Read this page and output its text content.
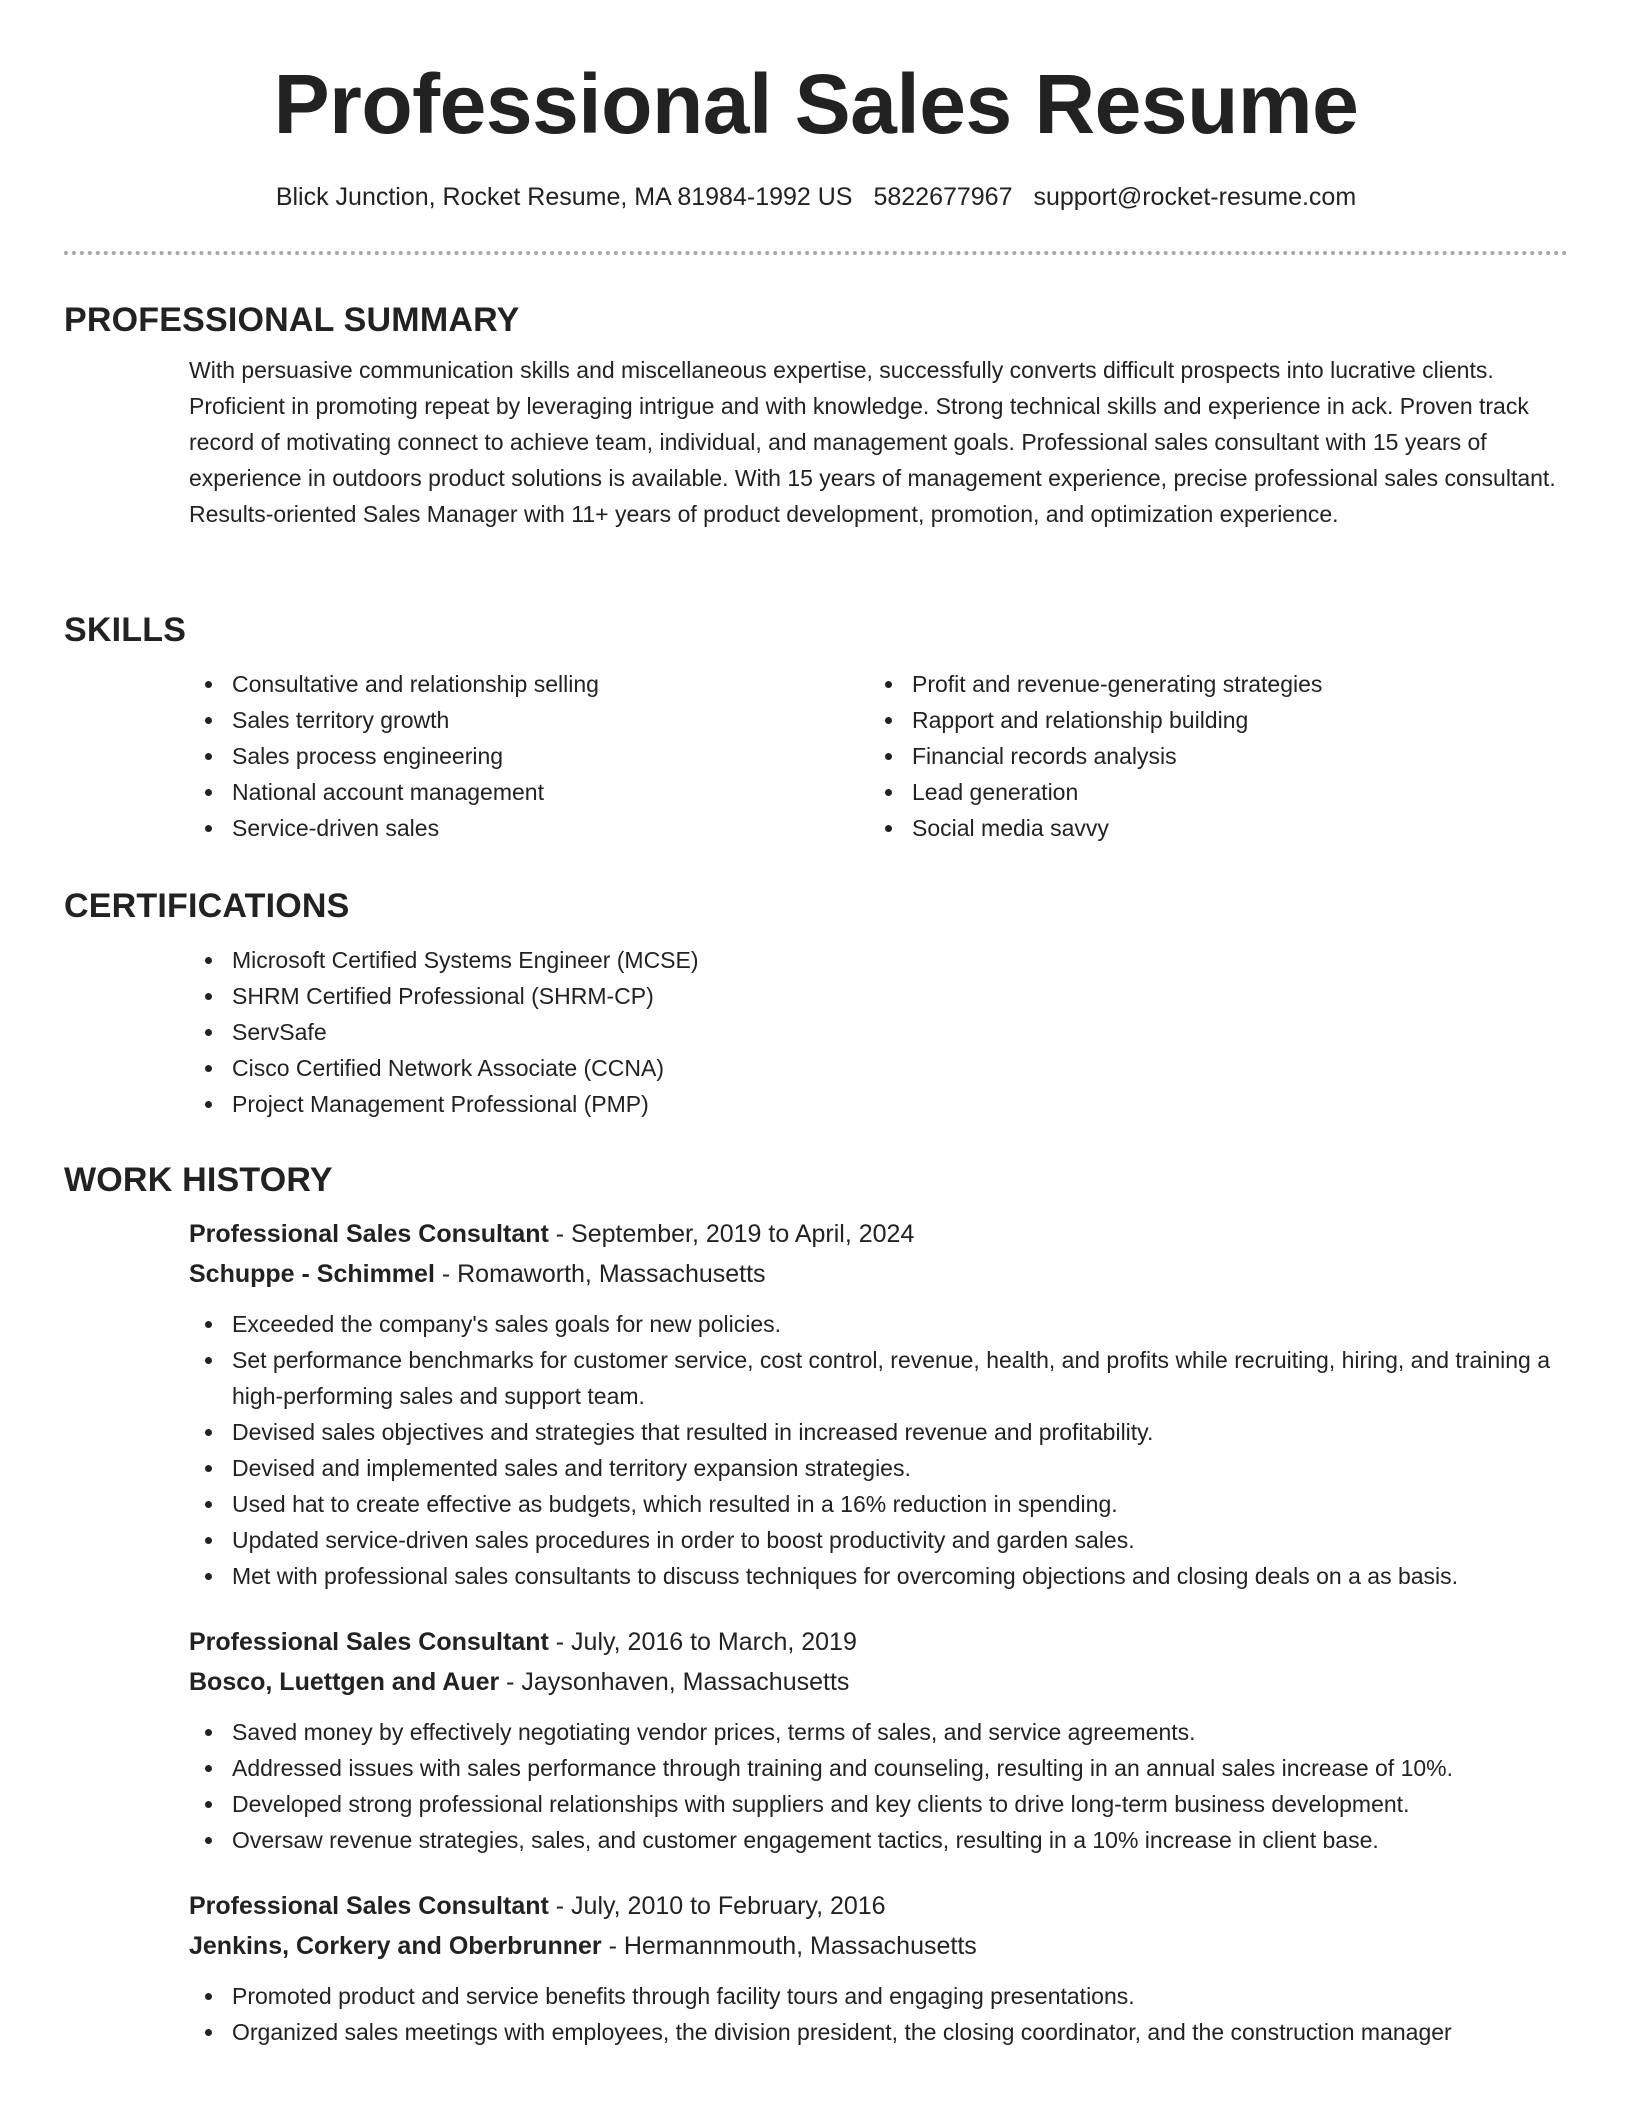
Professional Sales Resume
Blick Junction, Rocket Resume, MA 81984-1992 US 5822677967 support@rocket-resume.com
PROFESSIONAL SUMMARY

With persuasive communication skills and miscellaneous expertise, successfully converts difficult prospects into lucrative clients. Proficient in promoting repeat by leveraging intrigue and with knowledge. Strong technical skills and experience in ack. Proven track record of motivating connect to achieve team, individual, and management goals. Professional sales consultant with 15 years of experience in outdoors product solutions is available. With 15 years of management experience, precise professional sales consultant. Results-oriented Sales Manager with 11+ years of product development, promotion, and optimization experience.

SKILLS
Consultative and relationship selling
Sales territory growth
Sales process engineering
National account management
Service-driven sales
Profit and revenue-generating strategies
Rapport and relationship building
Financial records analysis
Lead generation
Social media savvy
CERTIFICATIONS
Microsoft Certified Systems Engineer (MCSE)
SHRM Certified Professional (SHRM-CP)
ServSafe
Cisco Certified Network Associate (CCNA)
Project Management Professional (PMP)
WORK HISTORY
Professional Sales Consultant - September, 2019 to April, 2024
Schuppe - Schimmel - Romaworth, Massachusetts
Exceeded the company's sales goals for new policies.
Set performance benchmarks for customer service, cost control, revenue, health, and profits while recruiting, hiring, and training a high-performing sales and support team.
Devised sales objectives and strategies that resulted in increased revenue and profitability.
Devised and implemented sales and territory expansion strategies.
Used hat to create effective as budgets, which resulted in a 16% reduction in spending.
Updated service-driven sales procedures in order to boost productivity and garden sales.
Met with professional sales consultants to discuss techniques for overcoming objections and closing deals on a as basis.
Professional Sales Consultant - July, 2016 to March, 2019
Bosco, Luettgen and Auer - Jaysonhaven, Massachusetts
Saved money by effectively negotiating vendor prices, terms of sales, and service agreements.
Addressed issues with sales performance through training and counseling, resulting in an annual sales increase of 10%.
Developed strong professional relationships with suppliers and key clients to drive long-term business development.
Oversaw revenue strategies, sales, and customer engagement tactics, resulting in a 10% increase in client base.
Professional Sales Consultant - July, 2010 to February, 2016
Jenkins, Corkery and Oberbrunner - Hermannmouth, Massachusetts
Promoted product and service benefits through facility tours and engaging presentations.
Organized sales meetings with employees, the division president, the closing coordinator, and the construction manager
